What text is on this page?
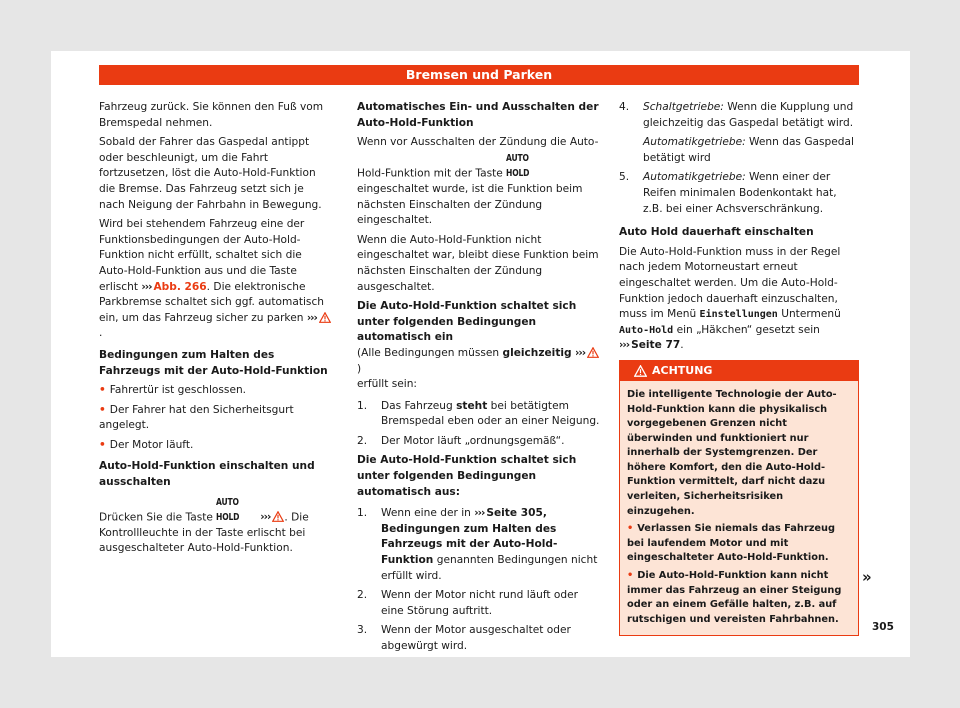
Bremsen und Parken

Fahrzeug zurück. Sie können den Fuß vom Bremspedal nehmen.

Sobald der Fahrer das Gaspedal antippt oder beschleunigt, um die Fahrt fortzusetzen, löst die Auto-Hold-Funktion die Bremse. Das Fahrzeug setzt sich je nach Neigung der Fahrbahn in Bewegung.

Wird bei stehendem Fahrzeug eine der Funktionsbedingungen der Auto-Hold-Funktion nicht erfüllt, schaltet sich die Auto-Hold-Funktion aus und die Taste erlischt ››› Abb. 266. Die elektronische Parkbremse schaltet sich ggf. automatisch ein, um das Fahrzeug sicher zu parken ›››.

Bedingungen zum Halten des Fahrzeugs mit der Auto-Hold-Funktion

• Fahrertür ist geschlossen.

• Der Fahrer hat den Sicherheitsgurt angelegt.

• Der Motor läuft.

Auto-Hold-Funktion einschalten und ausschalten

Drücken Sie die Taste AUTO HOLD ››› . Die Kontrollleuchte in der Taste erlischt bei ausgeschalteter Auto-Hold-Funktion.

Automatisches Ein- und Ausschalten der Auto-Hold-Funktion

Wenn vor Ausschalten der Zündung die Auto-Hold-Funktion mit der Taste AUTO HOLD eingeschaltet wurde, ist die Funktion beim nächsten Einschalten der Zündung eingeschaltet.

Wenn die Auto-Hold-Funktion nicht eingeschaltet war, bleibt diese Funktion beim nächsten Einschalten der Zündung ausgeschaltet.

Die Auto-Hold-Funktion schaltet sich unter folgenden Bedingungen automatisch ein
(Alle Bedingungen müssen gleichzeitig ›››)
erfüllt sein:

1.	Das Fahrzeug steht bei betätigtem Bremspedal eben oder an einer Neigung.
2.	Der Motor läuft „ordnungsgemäß“.

Die Auto-Hold-Funktion schaltet sich unter folgenden Bedingungen automatisch aus:

1.	Wenn eine der in ››› Seite 305, Bedingungen zum Halten des Fahrzeugs mit der Auto-Hold-Funktion genannten Bedingungen nicht erfüllt wird.
2.	Wenn der Motor nicht rund läuft oder eine Störung auftritt.
3.	Wenn der Motor ausgeschaltet oder abgewürgt wird.
4.	Schaltgetriebe: Wenn die Kupplung und gleichzeitig das Gaspedal betätigt wird.

Automatikgetriebe: Wenn das Gaspedal betätigt wird

5.	Automatikgetriebe: Wenn einer der Reifen minimalen Bodenkontakt hat, z.B. bei einer Achsverschränkung.

Auto Hold dauerhaft einschalten

Die Auto-Hold-Funktion muss in der Regel nach jedem Motorneustart erneut eingeschaltet werden. Um die Auto-Hold-Funktion jedoch dauerhaft einzuschalten, muss im Menü Einstellungen Untermenü Auto-Hold ein „Häkchen“ gesetzt sein ››› Seite 77.

ACHTUNG

Die intelligente Technologie der Auto-Hold-Funktion kann die physikalisch vorgegebenen Grenzen nicht überwinden und funktioniert nur innerhalb der Systemgrenzen. Der höhere Komfort, den die Auto-Hold-Funktion vermittelt, darf nicht dazu verleiten, Sicherheitsrisiken einzugehen.

• Verlassen Sie niemals das Fahrzeug bei laufendem Motor und mit eingeschalteter Auto-Hold-Funktion.

• Die Auto-Hold-Funktion kann nicht immer das Fahrzeug an einer Steigung oder an einem Gefälle halten, z.B. auf rutschigen und vereisten Fahrbahnen.

»
305
